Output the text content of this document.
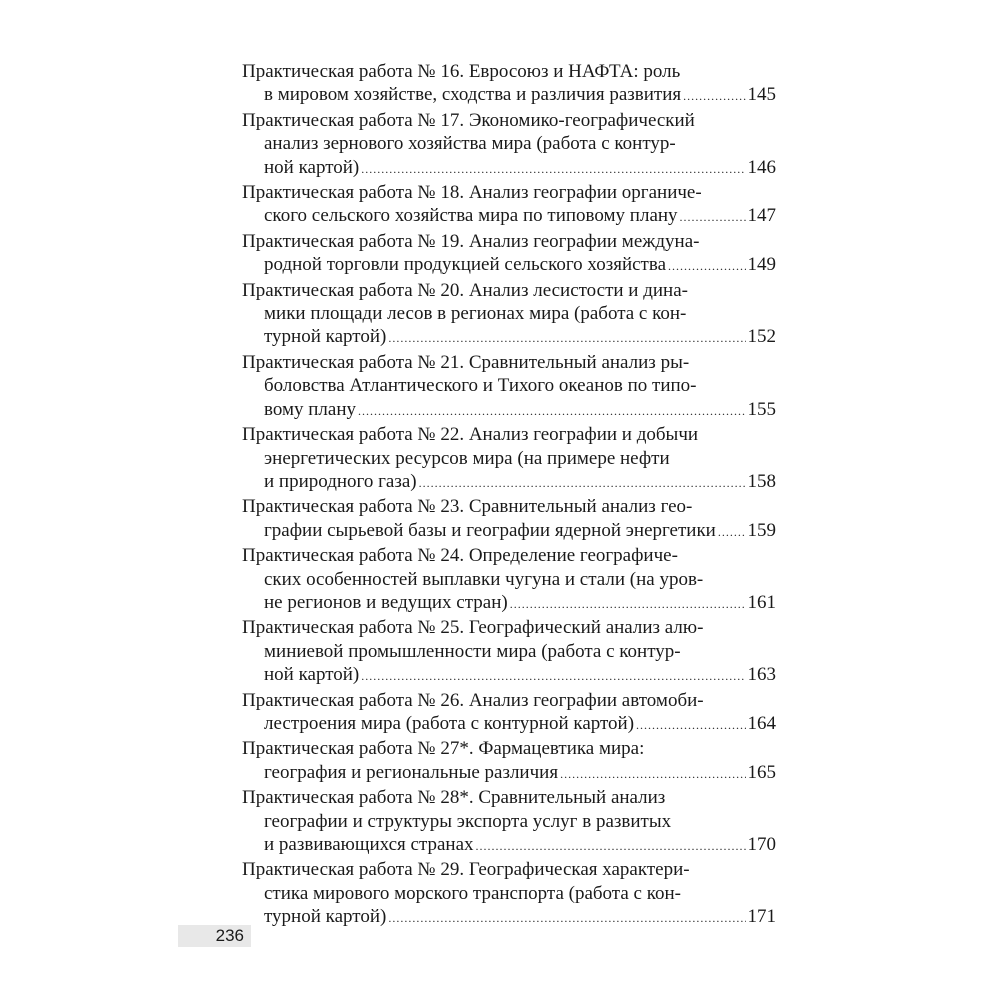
Практическая работа № 16. Евросоюз и НАФТА: роль
в мировом хозяйстве, сходства и различия развития .....	145
Практическая работа № 17. Экономико-географический
анализ зернового хозяйства мира (работа с контур-
ной картой) .....	146
Практическая работа № 18. Анализ географии органиче-
ского сельского хозяйства мира по типовому плану .....	147
Практическая работа № 19. Анализ географии междуна-
родной торговли продукцией сельского хозяйства .....	149
Практическая работа № 20. Анализ лесистости и дина-
мики площади лесов в регионах мира (работа с кон-
турной картой) .....	152
Практическая работа № 21. Сравнительный анализ ры-
боловства Атлантического и Тихого океанов по типо-
вому плану .....	155
Практическая работа № 22. Анализ географии и добычи
энергетических ресурсов мира (на примере нефти
и природного газа) .....	158
Практическая работа № 23. Сравнительный анализ гео-
графии сырьевой базы и географии ядерной энергетики ..... 159
Практическая работа № 24. Определение географиче-
ских особенностей выплавки чугуна и стали (на уров-
не регионов и ведущих стран) .....	161
Практическая работа № 25. Географический анализ алю-
миниевой промышленности мира (работа с контур-
ной картой) .....	163
Практическая работа № 26. Анализ географии автомоби-
лестроения мира (работа с контурной картой) .....	164
Практическая работа № 27*. Фармацевтика мира:
география и региональные различия .....	165
Практическая работа № 28*. Сравнительный анализ
географии и структуры экспорта услуг в развитых
и развивающихся странах .....	170
Практическая работа № 29. Географическая характери-
стика мирового морского транспорта (работа с кон-
турной картой) .....	171
236
